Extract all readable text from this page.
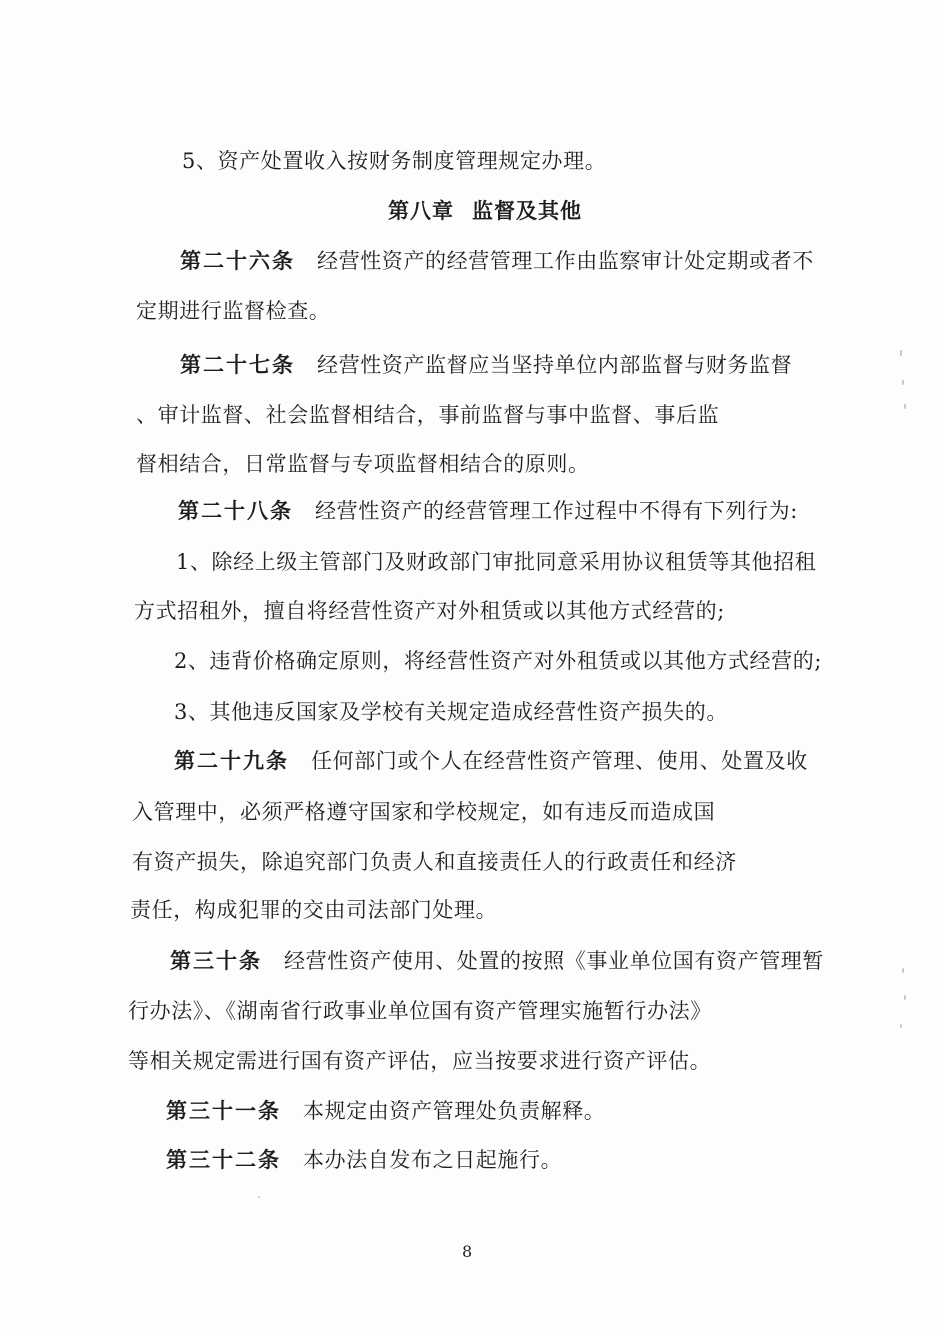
5、资产处置收入按财务制度管理规定办理。
第八章 监督及其他
第二十六条 经营性资产的经营管理工作由监察审计处定期或者不
定期进行监督检查。
第二十七条 经营性资产监督应当坚持单位内部监督与财务监督
、审计监督、社会监督相结合，事前监督与事中监督、事后监
督相结合，日常监督与专项监督相结合的原则。
第二十八条 经营性资产的经营管理工作过程中不得有下列行为:
1、除经上级主管部门及财政部门审批同意采用协议租赁等其他招租
方式招租外，擅自将经营性资产对外租赁或以其他方式经营的;
2、违背价格确定原则，将经营性资产对外租赁或以其他方式经营的;
3、其他违反国家及学校有关规定造成经营性资产损失的。
第二十九条 任何部门或个人在经营性资产管理、使用、处置及收
入管理中，必须严格遵守国家和学校规定，如有违反而造成国
有资产损失，除追究部门负责人和直接责任人的行政责任和经济
责任，构成犯罪的交由司法部门处理。
第三十条 经营性资产使用、处置的按照《事业单位国有资产管理暂
行办法》、《湖南省行政事业单位国有资产管理实施暂行办法》
等相关规定需进行国有资产评估，应当按要求进行资产评估。
第三十一条 本规定由资产管理处负责解释。
第三十二条 本办法自发布之日起施行。
8
